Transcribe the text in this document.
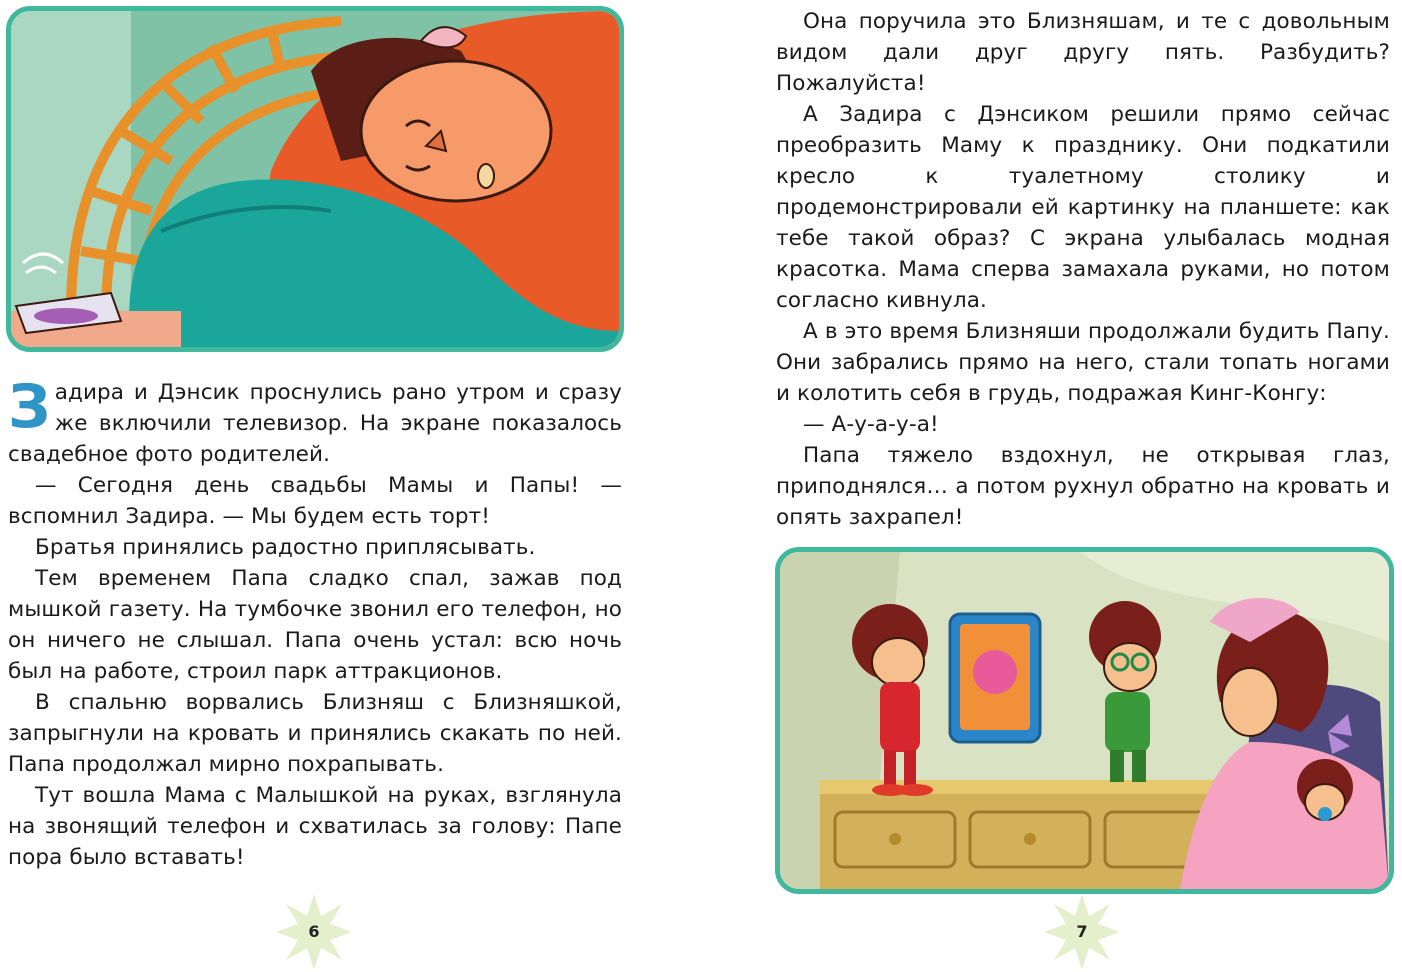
Задира и Дэнсик проснулись рано утром и сразу же включили телевизор. На экране показалось свадебное фото родителей.

— Сегодня день свадьбы Мамы и Папы! — вспомнил Задира. — Мы будем есть торт!

Братья принялись радостно приплясывать.

Тем временем Папа сладко спал, зажав под мышкой газету. На тумбочке звонил его телефон, но он ничего не слышал. Папа очень устал: всю ночь был на работе, строил парк аттракционов.

В спальню ворвались Близняш с Близняшкой, запрыгнули на кровать и принялись скакать по ней. Папа продолжал мирно похрапывать.

Тут вошла Мама с Малышкой на руках, взглянула на звонящий телефон и схватилась за голову: Папе пора было вставать!

Она поручила это Близняшам, и те с довольным видом дали друг другу пять. Разбудить? Пожалуйста!

А Задира с Дэнсиком решили прямо сейчас преобразить Маму к празднику. Они подкатили кресло к туалетному столику и продемонстрировали ей картинку на планшете: как тебе такой образ? С экрана улыбалась модная красотка. Мама сперва замахала руками, но потом согласно кивнула.

А в это время Близняши продолжали будить Папу. Они забрались прямо на него, стали топать ногами и колотить себя в грудь, подражая Кинг-Конгу:

— А-у-а-у-а!

Папа тяжело вздохнул, не открывая глаз, приподнялся… а потом рухнул обратно на кровать и опять захрапел!

6	7
